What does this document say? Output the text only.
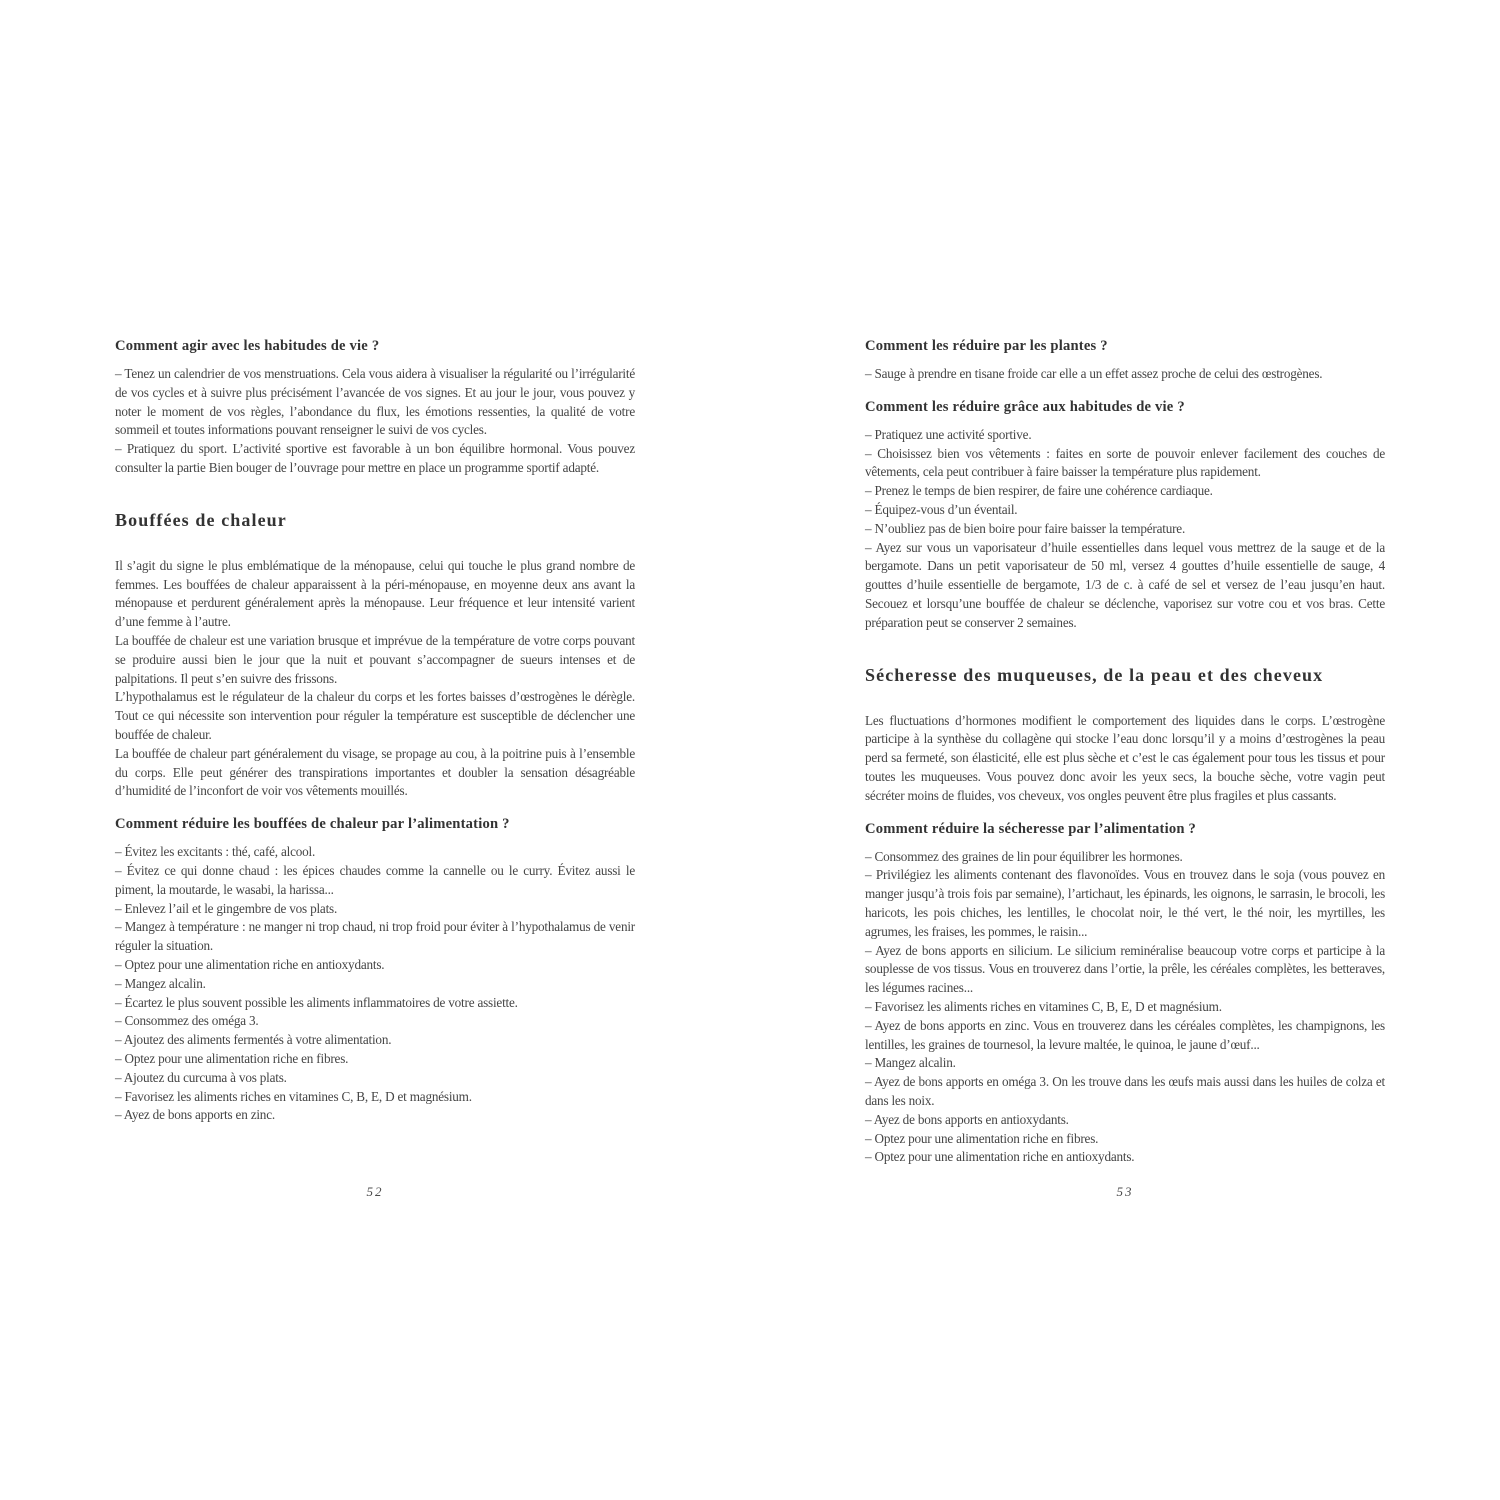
Comment agir avec les habitudes de vie ?

– Tenez un calendrier de vos menstruations. Cela vous aidera à visualiser la régularité ou l’irrégularité de vos cycles et à suivre plus précisément l’avancée de vos signes. Et au jour le jour, vous pouvez y noter le moment de vos règles, l’abondance du flux, les émotions ressenties, la qualité de votre sommeil et toutes informations pouvant renseigner le suivi de vos cycles.

– Pratiquez du sport. L’activité sportive est favorable à un bon équilibre hormonal. Vous pouvez consulter la partie Bien bouger de l’ouvrage pour mettre en place un programme sportif adapté.

Bouffées de chaleur

Il s’agit du signe le plus emblématique de la ménopause, celui qui touche le plus grand nombre de femmes. Les bouffées de chaleur apparaissent à la péri-ménopause, en moyenne deux ans avant la ménopause et perdurent généralement après la ménopause. Leur fréquence et leur intensité varient d’une femme à l’autre.

La bouffée de chaleur est une variation brusque et imprévue de la température de votre corps pouvant se produire aussi bien le jour que la nuit et pouvant s’accompagner de sueurs intenses et de palpitations. Il peut s’en suivre des frissons.

L’hypothalamus est le régulateur de la chaleur du corps et les fortes baisses d’œstrogènes le dérègle. Tout ce qui nécessite son intervention pour réguler la température est susceptible de déclencher une bouffée de chaleur.

La bouffée de chaleur part généralement du visage, se propage au cou, à la poitrine puis à l’ensemble du corps. Elle peut générer des transpirations importantes et doubler la sensation désagréable d’humidité de l’inconfort de voir vos vêtements mouillés.

Comment réduire les bouffées de chaleur par l’alimentation ?

– Évitez les excitants : thé, café, alcool.

– Évitez ce qui donne chaud : les épices chaudes comme la cannelle ou le curry. Évitez aussi le piment, la moutarde, le wasabi, la harissa...

– Enlevez l’ail et le gingembre de vos plats.

– Mangez à température : ne manger ni trop chaud, ni trop froid pour éviter à l’hypothalamus de venir réguler la situation.

– Optez pour une alimentation riche en antioxydants.

– Mangez alcalin.

– Écartez le plus souvent possible les aliments inflammatoires de votre assiette.

– Consommez des oméga 3.

– Ajoutez des aliments fermentés à votre alimentation.

– Optez pour une alimentation riche en fibres.

– Ajoutez du curcuma à vos plats.

– Favorisez les aliments riches en vitamines C, B, E, D et magnésium.

– Ayez de bons apports en zinc.

Comment les réduire par les plantes ?

– Sauge à prendre en tisane froide car elle a un effet assez proche de celui des œstrogènes.

Comment les réduire grâce aux habitudes de vie ?

– Pratiquez une activité sportive.

– Choisissez bien vos vêtements : faites en sorte de pouvoir enlever facilement des couches de vêtements, cela peut contribuer à faire baisser la température plus rapidement.

– Prenez le temps de bien respirer, de faire une cohérence cardiaque.

– Équipez-vous d’un éventail.

– N’oubliez pas de bien boire pour faire baisser la température.

– Ayez sur vous un vaporisateur d’huile essentielles dans lequel vous mettrez de la sauge et de la bergamote. Dans un petit vaporisateur de 50 ml, versez 4 gouttes d’huile essentielle de sauge, 4 gouttes d’huile essentielle de bergamote, 1/3 de c. à café de sel et versez de l’eau jusqu’en haut. Secouez et lorsqu’une bouffée de chaleur se déclenche, vaporisez sur votre cou et vos bras. Cette préparation peut se conserver 2 semaines.

Sécheresse des muqueuses, de la peau et des cheveux

Les fluctuations d’hormones modifient le comportement des liquides dans le corps. L’œstrogène participe à la synthèse du collagène qui stocke l’eau donc lorsqu’il y a moins d’œstrogènes la peau perd sa fermeté, son élasticité, elle est plus sèche et c’est le cas également pour tous les tissus et pour toutes les muqueuses. Vous pouvez donc avoir les yeux secs, la bouche sèche, votre vagin peut sécréter moins de fluides, vos cheveux, vos ongles peuvent être plus fragiles et plus cassants.

Comment réduire la sécheresse par l’alimentation ?

– Consommez des graines de lin pour équilibrer les hormones.

– Privilégiez les aliments contenant des flavonoïdes. Vous en trouvez dans le soja (vous pouvez en manger jusqu’à trois fois par semaine), l’artichaut, les épinards, les oignons, le sarrasin, le brocoli, les haricots, les pois chiches, les lentilles, le chocolat noir, le thé vert, le thé noir, les myrtilles, les agrumes, les fraises, les pommes, le raisin...

– Ayez de bons apports en silicium. Le silicium reminéralise beaucoup votre corps et participe à la souplesse de vos tissus. Vous en trouverez dans l’ortie, la prêle, les céréales complètes, les betteraves, les légumes racines...

– Favorisez les aliments riches en vitamines C, B, E, D et magnésium.

– Ayez de bons apports en zinc. Vous en trouverez dans les céréales complètes, les champignons, les lentilles, les graines de tournesol, la levure maltée, le quinoa, le jaune d’œuf...

– Mangez alcalin.

– Ayez de bons apports en oméga 3. On les trouve dans les œufs mais aussi dans les huiles de colza et dans les noix.

– Ayez de bons apports en antioxydants.

– Optez pour une alimentation riche en fibres.

– Optez pour une alimentation riche en antioxydants.

52	53
